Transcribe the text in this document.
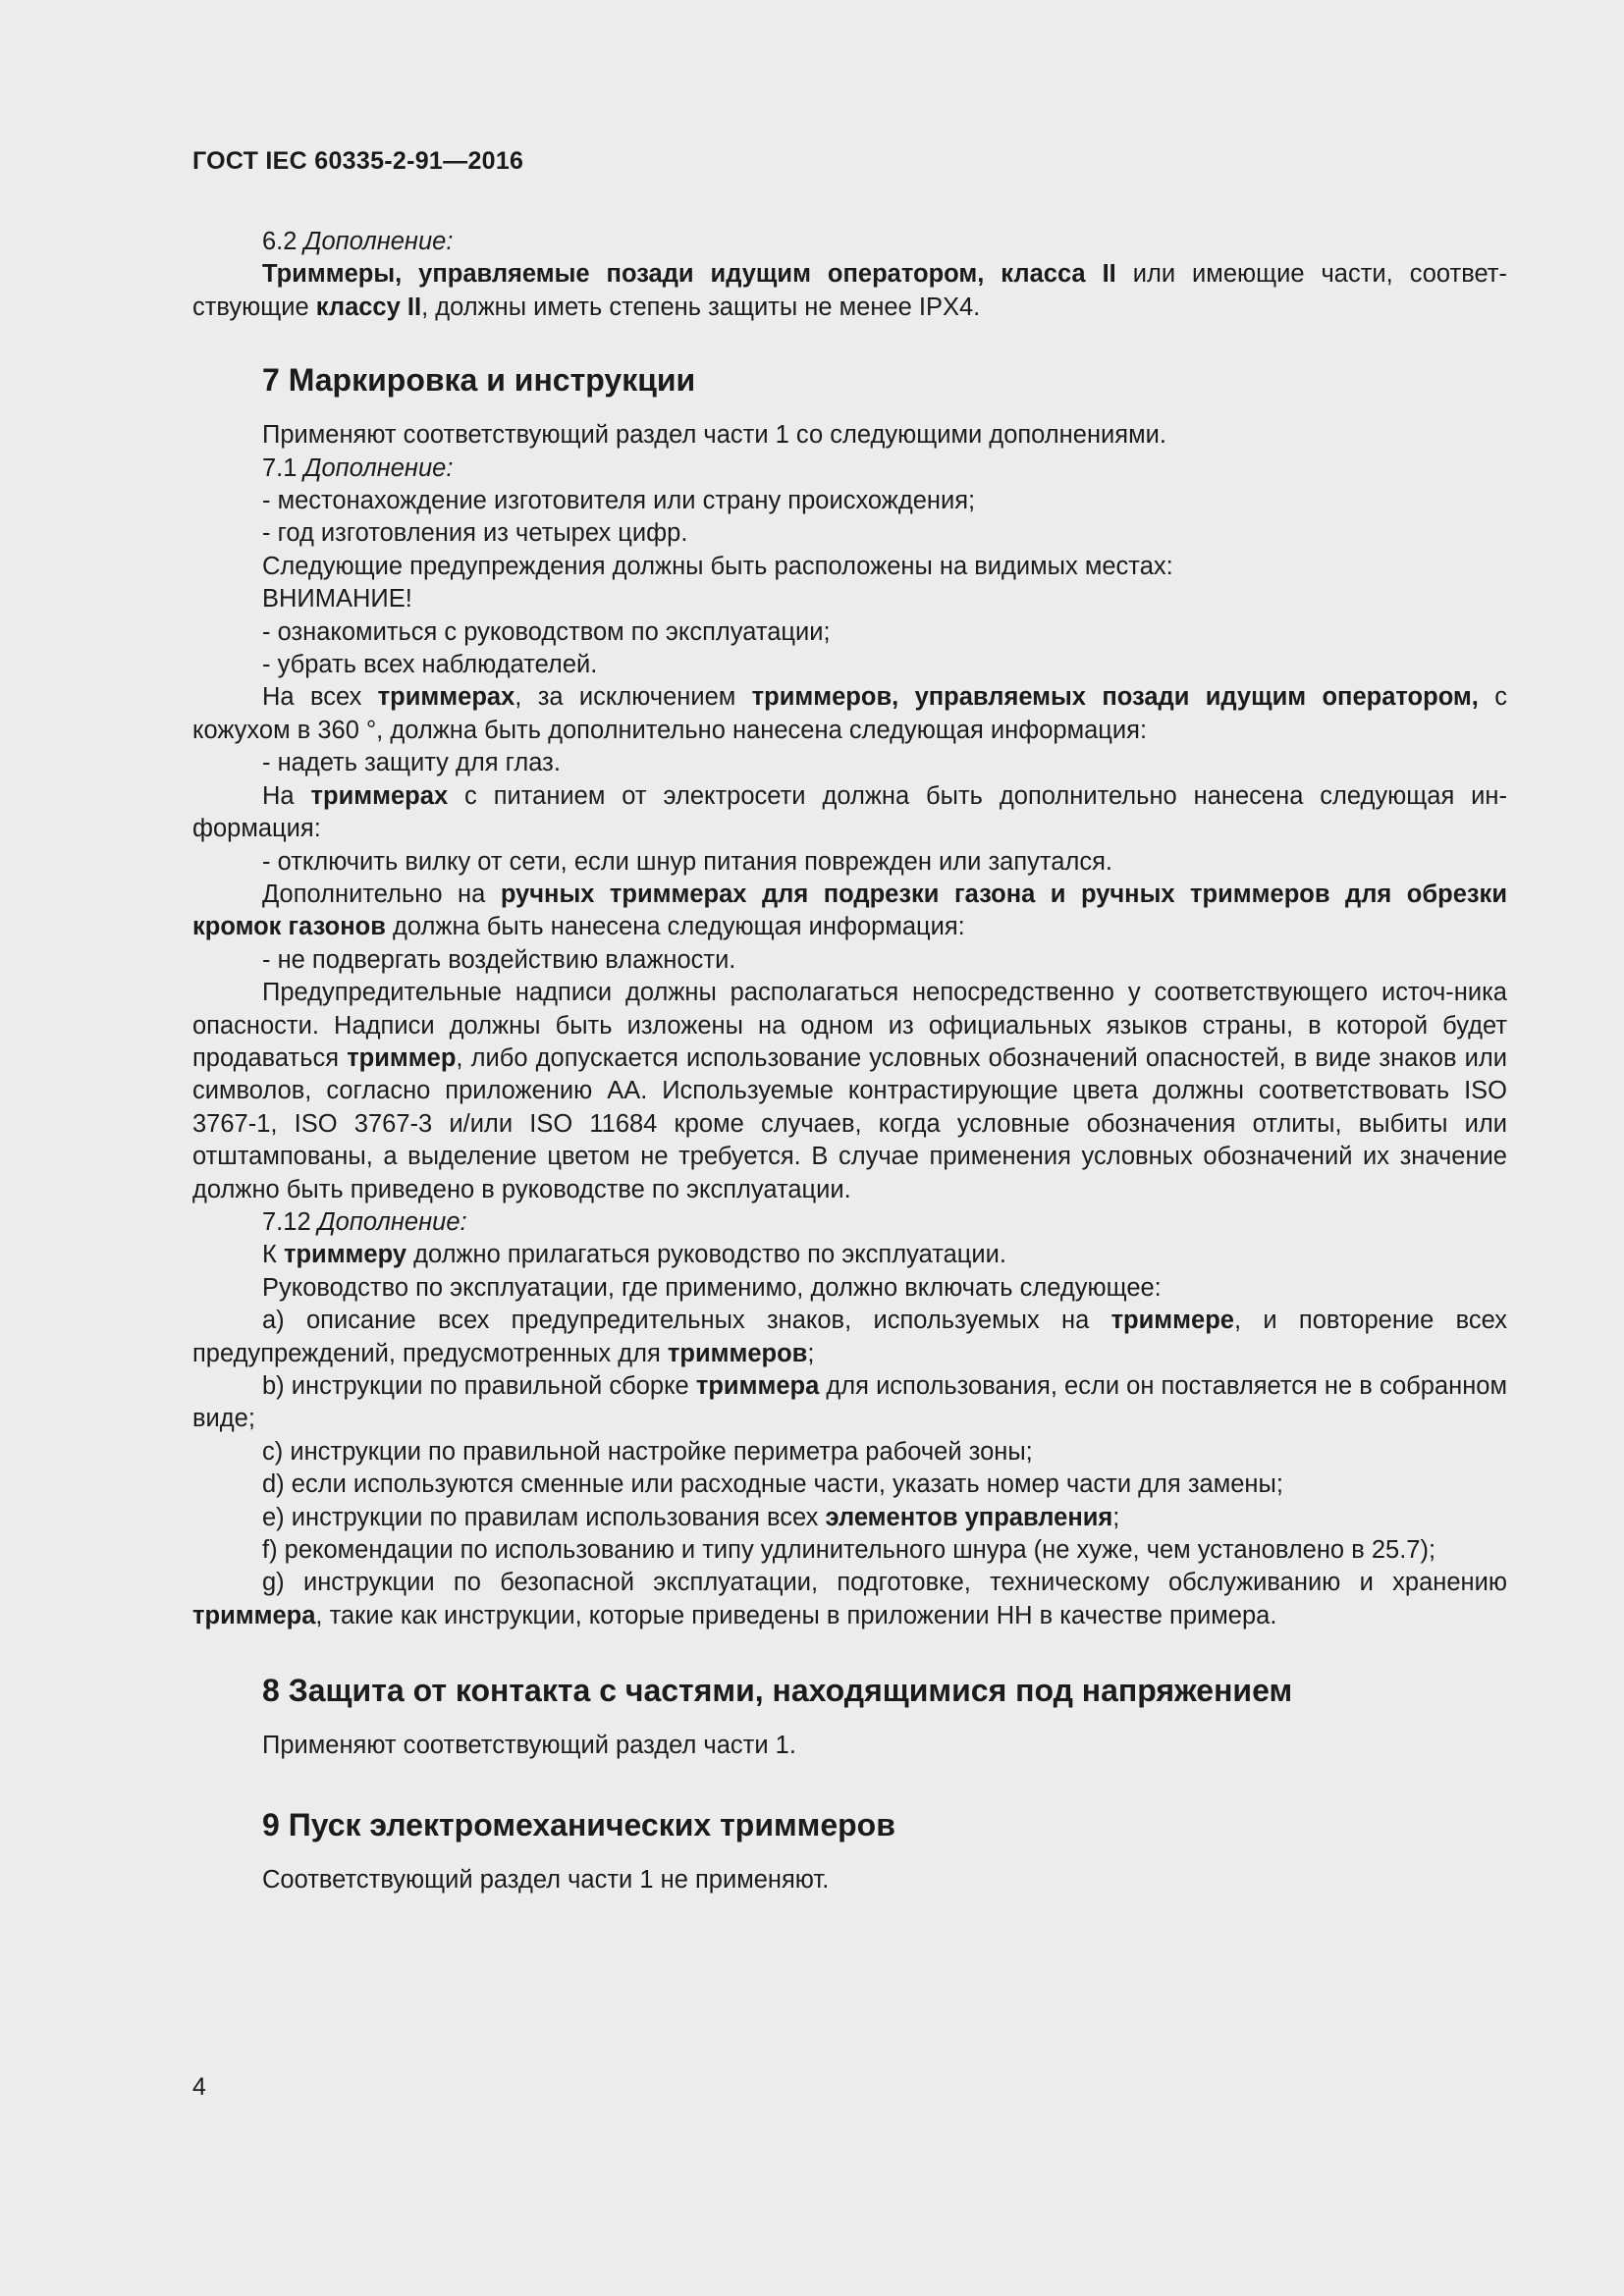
ГОСТ IEC 60335-2-91—2016

6.2 Дополнение:

Триммеры, управляемые позади идущим оператором, класса II или имеющие части, соответ-ствующие классу II, должны иметь степень защиты не менее IPX4.

7 Маркировка и инструкции

Применяют соответствующий раздел части 1 со следующими дополнениями.

7.1 Дополнение:

- местонахождение изготовителя или страну происхождения;

- год изготовления из четырех цифр.

Следующие предупреждения должны быть расположены на видимых местах:

ВНИМАНИЕ!

- ознакомиться с руководством по эксплуатации;

- убрать всех наблюдателей.

На всех триммерах, за исключением триммеров, управляемых позади идущим оператором, с кожухом в 360 °, должна быть дополнительно нанесена следующая информация:

- надеть защиту для глаз.

На триммерах с питанием от электросети должна быть дополнительно нанесена следующая ин-формация:

- отключить вилку от сети, если шнур питания поврежден или запутался.

Дополнительно на ручных триммерах для подрезки газона и ручных триммеров для обрезки кромок газонов должна быть нанесена следующая информация:

- не подвергать воздействию влажности.

Предупредительные надписи должны располагаться непосредственно у соответствующего источ-ника опасности. Надписи должны быть изложены на одном из официальных языков страны, в которой будет продаваться триммер, либо допускается использование условных обозначений опасностей, в виде знаков или символов, согласно приложению АА. Используемые контрастирующие цвета должны соответствовать ISO 3767-1, ISO 3767-3 и/или ISO 11684 кроме случаев, когда условные обозначения отлиты, выбиты или отштампованы, а выделение цветом не требуется. В случае применения условных обозначений их значение должно быть приведено в руководстве по эксплуатации.

7.12 Дополнение:

К триммеру должно прилагаться руководство по эксплуатации.

Руководство по эксплуатации, где применимо, должно включать следующее:

a) описание всех предупредительных знаков, используемых на триммере, и повторение всех предупреждений, предусмотренных для триммеров;

b) инструкции по правильной сборке триммера для использования, если он поставляется не в собранном виде;

c) инструкции по правильной настройке периметра рабочей зоны;

d) если используются сменные или расходные части, указать номер части для замены;

e) инструкции по правилам использования всех элементов управления;

f) рекомендации по использованию и типу удлинительного шнура (не хуже, чем установлено в 25.7);

g) инструкции по безопасной эксплуатации, подготовке, техническому обслуживанию и хранению триммера, такие как инструкции, которые приведены в приложении НН в качестве примера.

8 Защита от контакта с частями, находящимися под напряжением

Применяют соответствующий раздел части 1.

9 Пуск электромеханических триммеров

Соответствующий раздел части 1 не применяют.

4
